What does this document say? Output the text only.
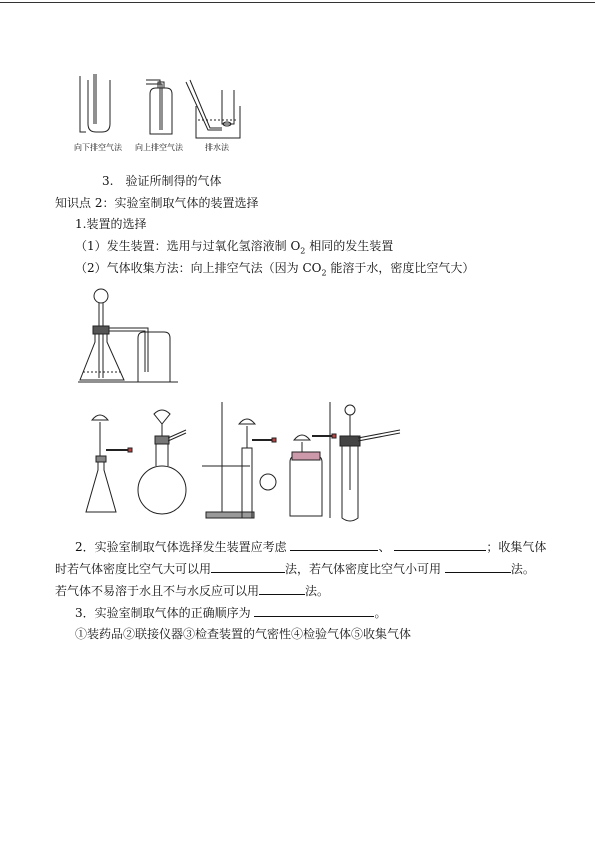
向下排空气法 向上排空气法	排水法
3.　验证所制得的气体
知识点 2：实验室制取气体的装置选择
1.装置的选择
（1）发生装置：选用与过氧化氢溶液制 $O_2$ 相同的发生装置
（2）气体收集方法：向上排空气法（因为 $CO_2$ 能溶于水，密度比空气大）
2．实验室制取气体选择发生装置应考虑	、	；收集气体
时若气体密度比空气大可以用	法，若气体密度比空气小可用	法。
若气体不易溶于水且不与水反应可以用	法。
3．实验室制取气体的正确顺序为	。
①装药品②联接仪器③检查装置的气密性④检验气体⑤收集气体
